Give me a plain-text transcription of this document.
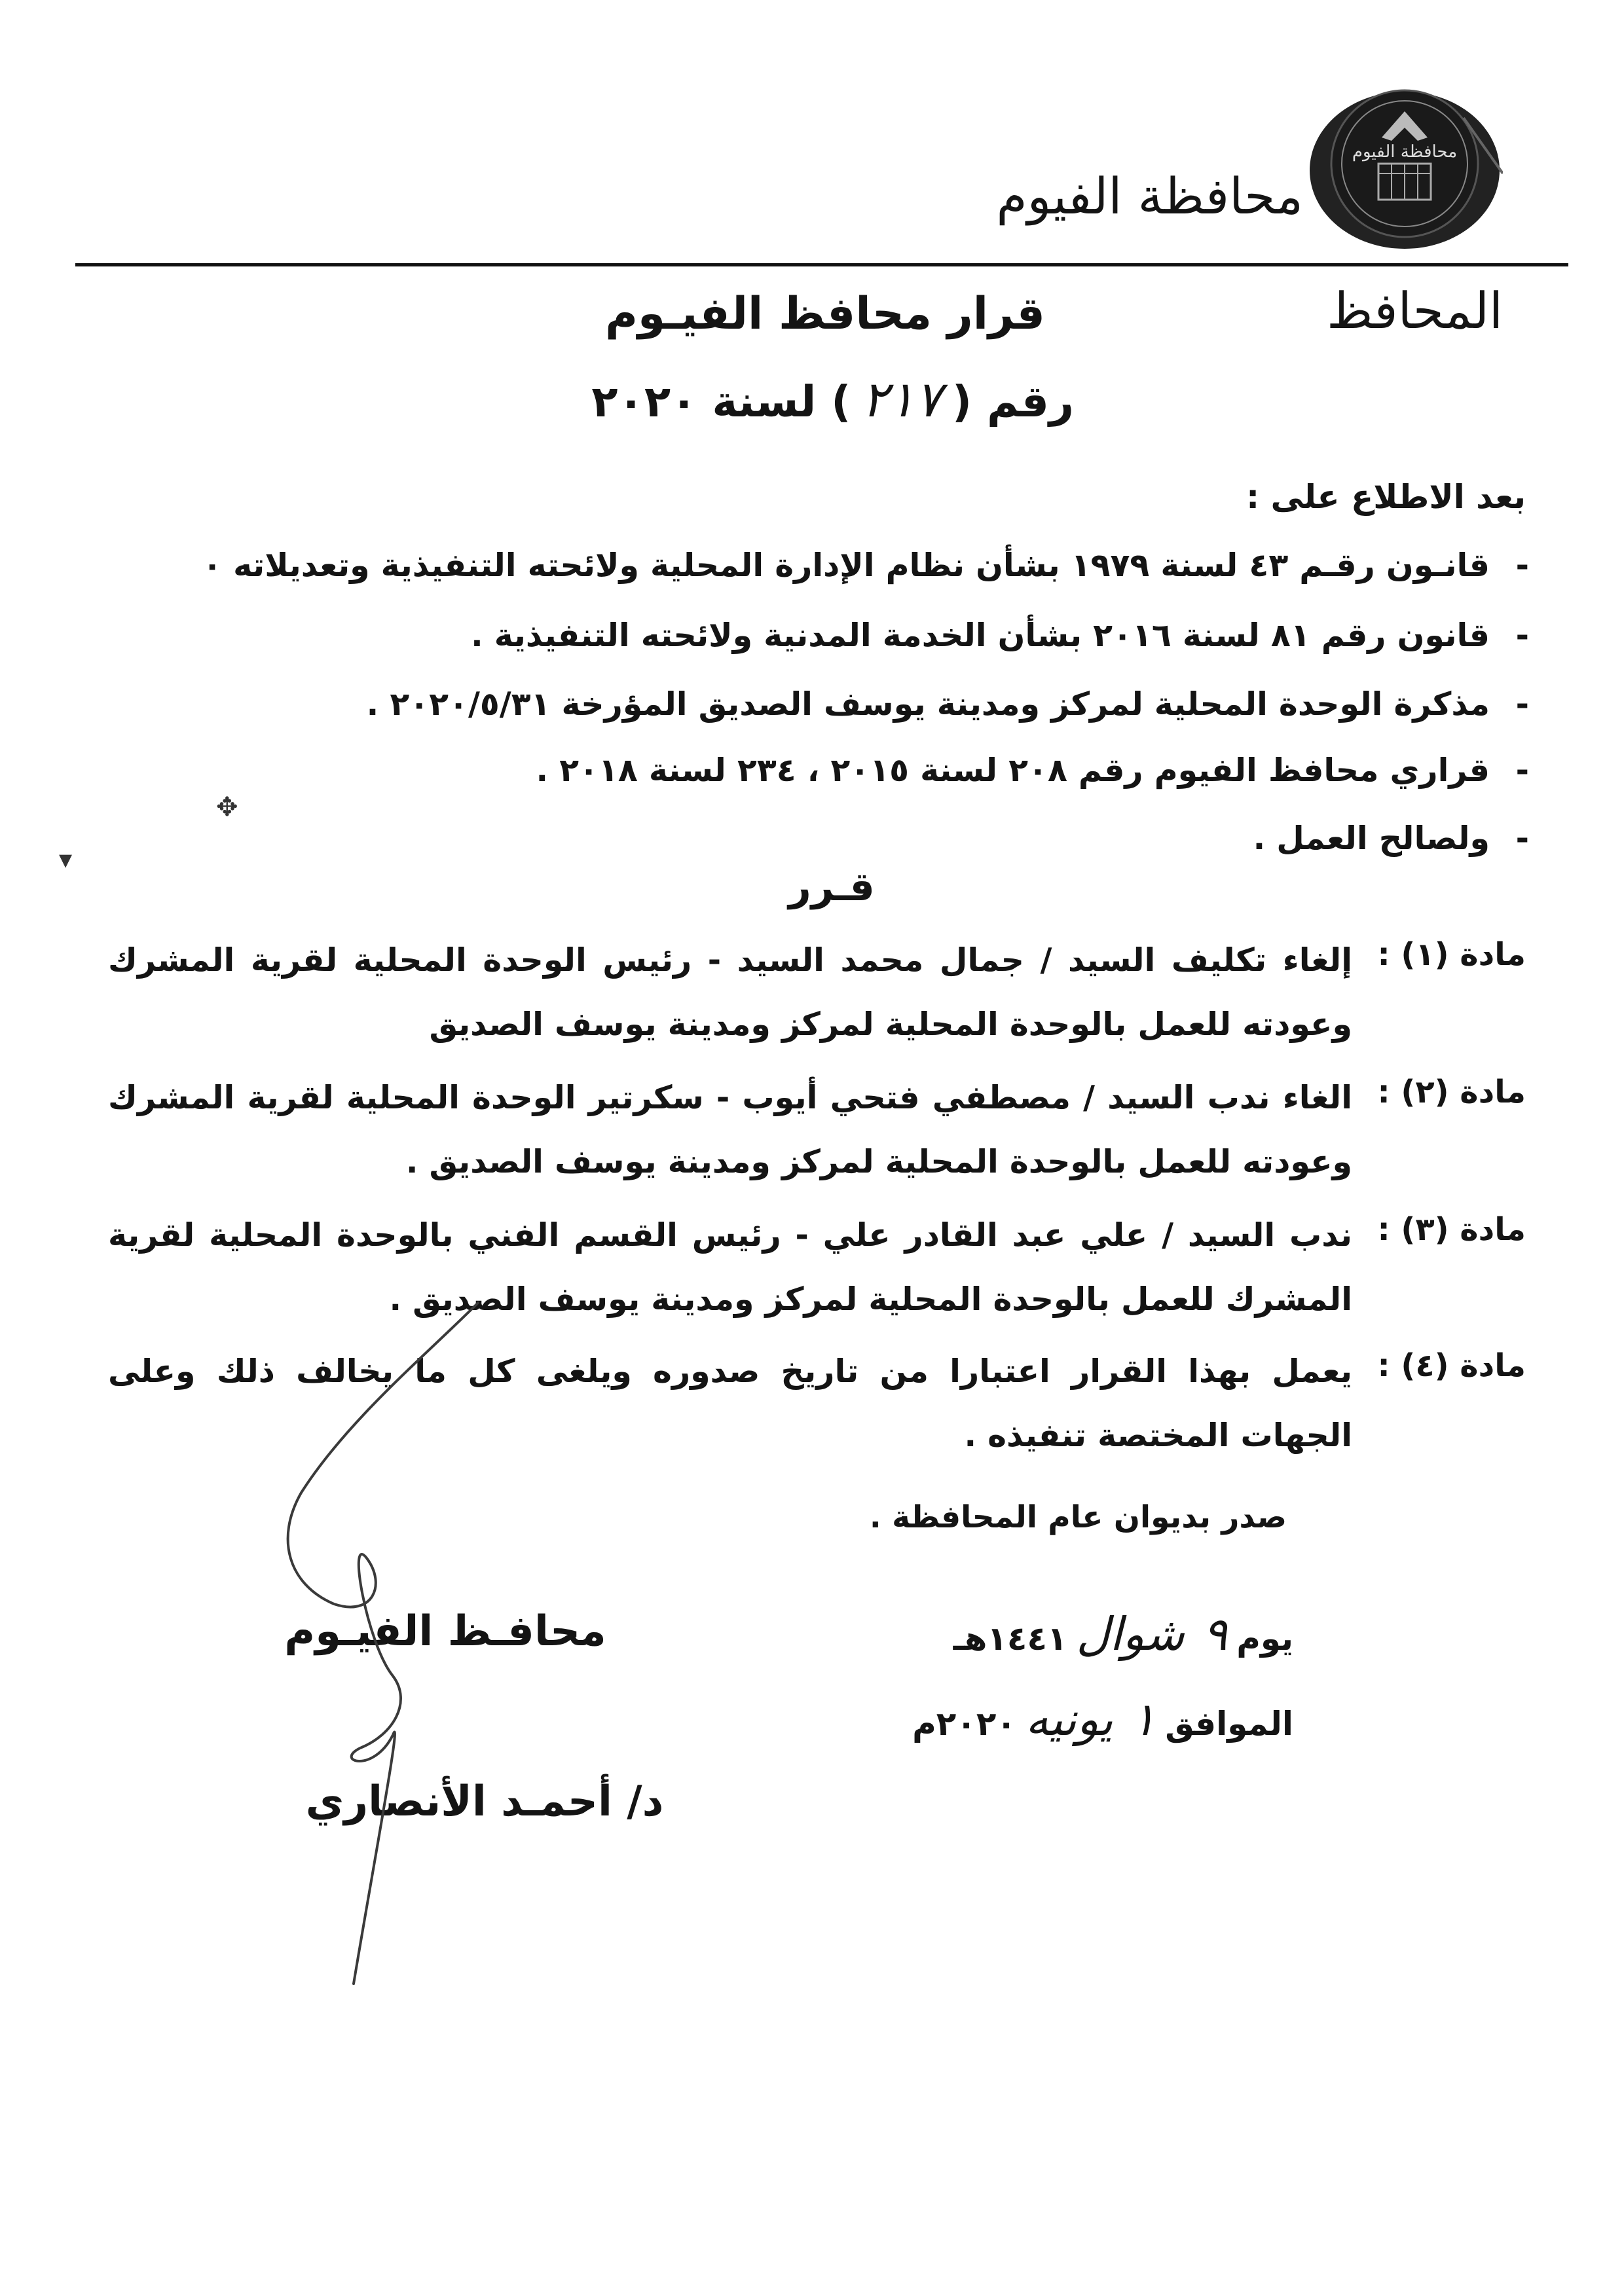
محافظة الفيوم
محافظة الفيوم
المحافظ
قرار محافظ الفيـوم
رقم (٢١٧) لسنة ٢٠٢٠
بعد الاطلاع على :
- قانـون رقـم ٤٣ لسنة ١٩٧٩ بشأن نظام الإدارة المحلية ولائحته التنفيذية وتعديلاته ٠
- قانون رقم ٨١ لسنة ٢٠١٦ بشأن الخدمة المدنية ولائحته التنفيذية .
- مذكرة الوحدة المحلية لمركز ومدينة يوسف الصديق المؤرخة ٢٠٢٠/٥/٣١ .
- قراري محافظ الفيوم رقم ٢٠٨ لسنة ٢٠١٥ ، ٢٣٤ لسنة ٢٠١٨ .
- ولصالح العمل .
✥
▾
قـرر
مادة (١) :
إلغاء تكليف السيد / جمال محمد السيد - رئيس الوحدة المحلية لقرية المشرك وعودته للعمل بالوحدة المحلية لمركز ومدينة يوسف الصديق
مادة (٢) :
الغاء ندب السيد / مصطفي فتحي أيوب - سكرتير الوحدة المحلية لقرية المشرك وعودته للعمل بالوحدة المحلية لمركز ومدينة يوسف الصديق .
مادة (٣) :
ندب السيد / علي عبد القادر علي - رئيس القسم الفني بالوحدة المحلية لقرية المشرك للعمل بالوحدة المحلية لمركز ومدينة يوسف الصديق .
مادة (٤) :
يعمل بهذا القرار اعتبارا من تاريخ صدوره ويلغى كل ما يخالف ذلك وعلى الجهات المختصة تنفيذه .
صدر بديوان عام المحافظة .
يوم٩شوال١٤٤١هـ
الموافق١يونيه٢٠٢٠م
محافـظ الفيـوم
د/ أحمـد الأنصاري
